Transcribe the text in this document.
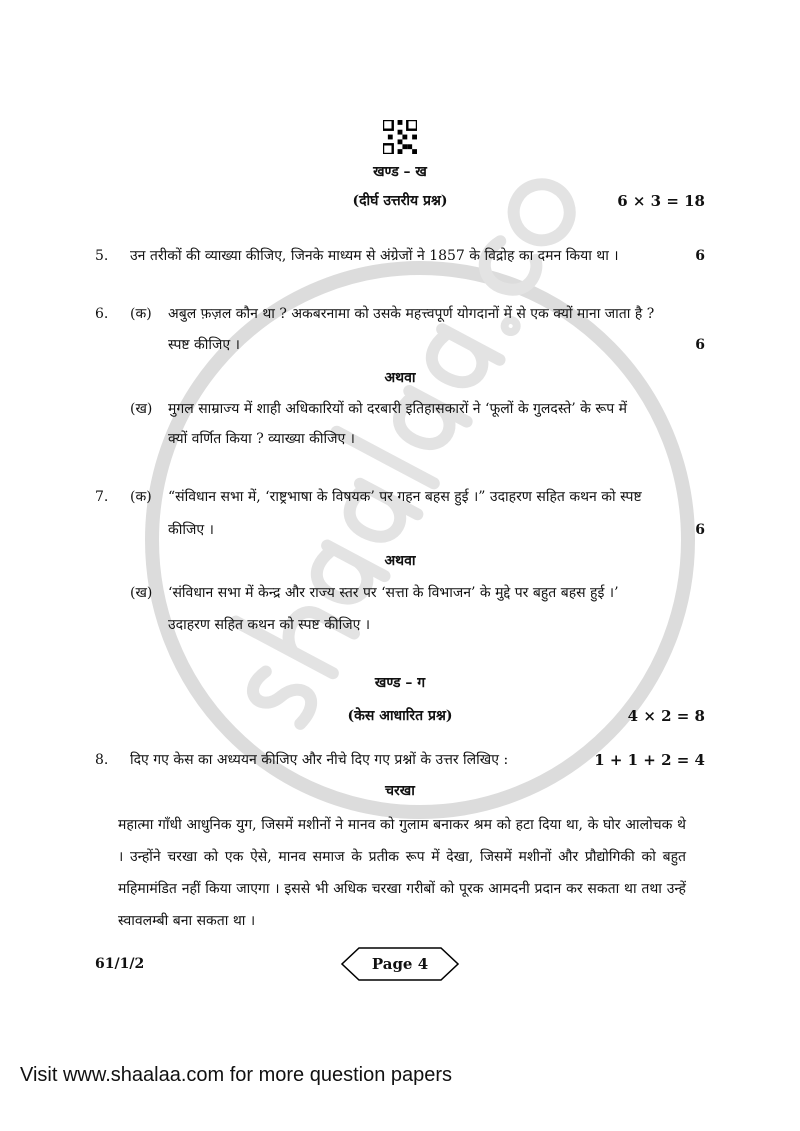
खण्ड – ख
(दीर्घ उत्तरीय प्रश्न)	6 × 3 = 18
5.	उन तरीकों की व्याख्या कीजिए, जिनके माध्यम से अंग्रेजों ने 1857 के विद्रोह का दमन किया था ।	6
6.	(क)	अबुल फ़ज़ल कौन था ? अकबरनामा को उसके महत्त्वपूर्ण योगदानों में से एक क्यों माना जाता है ?
स्पष्ट कीजिए ।	6
अथवा
(ख)	मुगल साम्राज्य में शाही अधिकारियों को दरबारी इतिहासकारों ने ‘फूलों के गुलदस्ते’ के रूप में
क्यों वर्णित किया ? व्याख्या कीजिए ।
7.	(क)	“संविधान सभा में, ‘राष्ट्रभाषा के विषयक’ पर गहन बहस हुई ।” उदाहरण सहित कथन को स्पष्ट
कीजिए ।	6
अथवा
(ख)	‘संविधान सभा में केन्द्र और राज्य स्तर पर ‘सत्ता के विभाजन’ के मुद्दे पर बहुत बहस हुई ।’
उदाहरण सहित कथन को स्पष्ट कीजिए ।
खण्ड – ग
(केस आधारित प्रश्न)	4 × 2 = 8
8.	दिए गए केस का अध्ययन कीजिए और नीचे दिए गए प्रश्नों के उत्तर लिखिए :	1 + 1 + 2 = 4
चरखा
महात्मा गाँधी आधुनिक युग, जिसमें मशीनों ने मानव को गुलाम बनाकर श्रम को हटा दिया था, के घोर आलोचक थे । उन्होंने चरखा को एक ऐसे, मानव समाज के प्रतीक रूप में देखा, जिसमें मशीनों और प्रौद्योगिकी को बहुत महिमामंडित नहीं किया जाएगा । इससे भी अधिक चरखा गरीबों को पूरक आमदनी प्रदान कर सकता था तथा उन्हें स्वावलम्बी बना सकता था ।
61/1/2	Page 4
Visit www.shaalaa.com for more question papers
